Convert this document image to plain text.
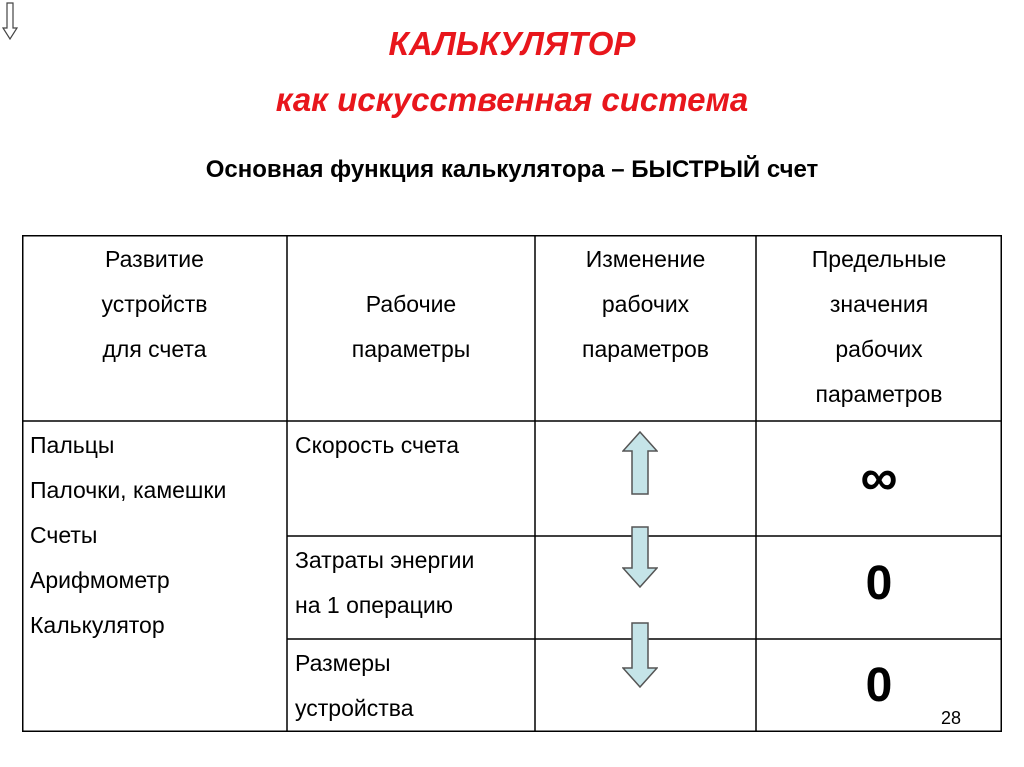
КАЛЬКУЛЯТОР
как искусственная система
Основная функция калькулятора – БЫСТРЫЙ счет
Развитие
устройств
для счета
Рабочие
параметры
Изменение
рабочих
параметров
Предельные
значения
рабочих
параметров
Пальцы
Палочки, камешки
Счеты
Арифмометр
Калькулятор
Скорость счета
∞
Затраты энергии
на 1 операцию	0
Размеры
устройства	0
28
